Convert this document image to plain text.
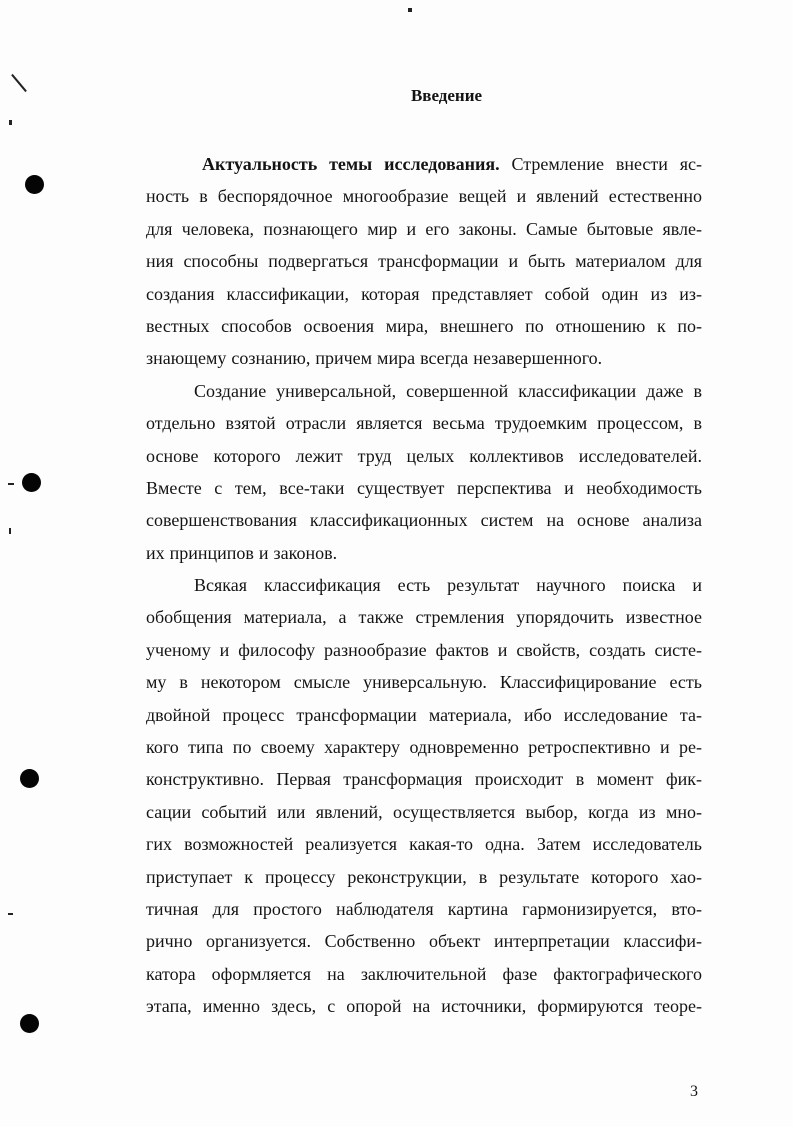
Введение
Актуальность темы исследования. Стремление внести яс-
ность в беспорядочное многообразие вещей и явлений естественно
для человека, познающего мир и его законы. Самые бытовые явле-
ния способны подвергаться трансформации и быть материалом для
создания классификации, которая представляет собой один из из-
вестных способов освоения мира, внешнего по отношению к по-
знающему сознанию, причем мира всегда незавершенного.
Создание универсальной, совершенной классификации даже в
отдельно взятой отрасли является весьма трудоемким процессом, в
основе которого лежит труд целых коллективов исследователей.
Вместе с тем, все-таки существует перспектива и необходимость
совершенствования классификационных систем на основе анализа
их принципов и законов.
Всякая классификация есть результат научного поиска и
обобщения материала, а также стремления упорядочить известное
ученому и философу разнообразие фактов и свойств, создать систе-
му в некотором смысле универсальную. Классифицирование есть
двойной процесс трансформации материала, ибо исследование та-
кого типа по своему характеру одновременно ретроспективно и ре-
конструктивно. Первая трансформация происходит в момент фик-
сации событий или явлений, осуществляется выбор, когда из мно-
гих возможностей реализуется какая-то одна. Затем исследователь
приступает к процессу реконструкции, в результате которого хао-
тичная для простого наблюдателя картина гармонизируется, вто-
рично организуется. Собственно объект интерпретации классифи-
катора оформляется на заключительной фазе фактографического
этапа, именно здесь, с опорой на источники, формируются теоре-
3
